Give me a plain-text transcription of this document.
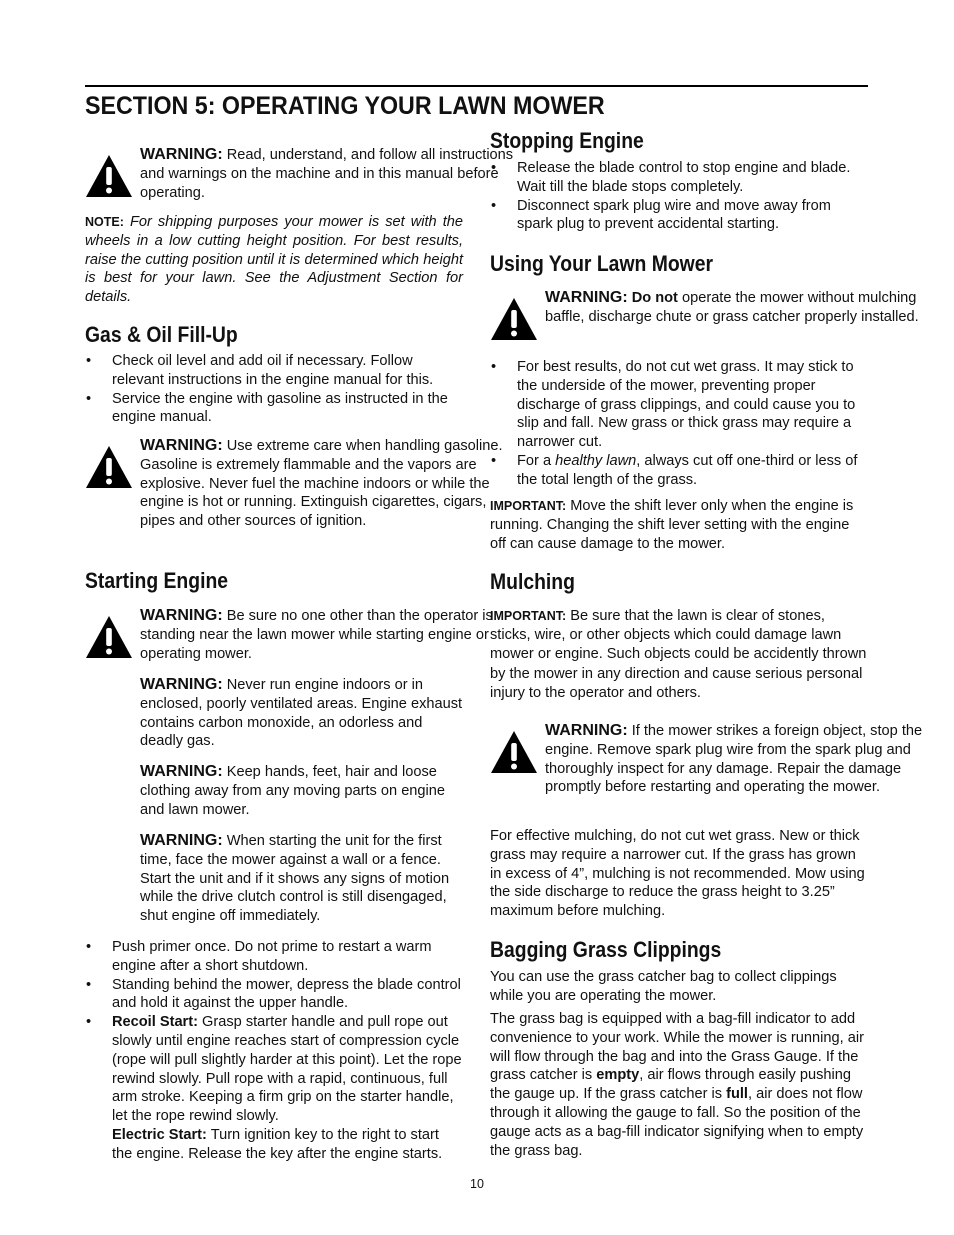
SECTION 5: OPERATING YOUR LAWN MOWER

WARNING: Read, understand, and follow all instructions and warnings on the machine and in this manual before operating.

NOTE: For shipping purposes your mower is set with the wheels in a low cutting height position. For best results, raise the cutting position until it is determined which height is best for your lawn. See the Adjustment Section for details.

Gas & Oil Fill-Up
• Check oil level and add oil if necessary. Follow relevant instructions in the engine manual for this.
• Service the engine with gasoline as instructed in the engine manual.

WARNING: Use extreme care when handling gasoline. Gasoline is extremely flammable and the vapors are explosive. Never fuel the machine indoors or while the engine is hot or running. Extinguish cigarettes, cigars, pipes and other sources of ignition.

Starting Engine

WARNING: Be sure no one other than the operator is standing near the lawn mower while starting engine or operating mower.

WARNING: Never run engine indoors or in enclosed, poorly ventilated areas. Engine exhaust contains carbon monoxide, an odorless and deadly gas.

WARNING: Keep hands, feet, hair and loose clothing away from any moving parts on engine and lawn mower.

WARNING: When starting the unit for the first time, face the mower against a wall or a fence. Start the unit and if it shows any signs of motion while the drive clutch control is still disengaged, shut engine off immediately.

• Push primer once. Do not prime to restart a warm engine after a short shutdown.
• Standing behind the mower, depress the blade control and hold it against the upper handle.
• Recoil Start: Grasp starter handle and pull rope out slowly until engine reaches start of compression cycle (rope will pull slightly harder at this point). Let the rope rewind slowly. Pull rope with a rapid, continuous, full arm stroke. Keeping a firm grip on the starter handle, let the rope rewind slowly.
Electric Start: Turn ignition key to the right to start the engine. Release the key after the engine starts.
Stopping Engine
• Release the blade control to stop engine and blade. Wait till the blade stops completely.
• Disconnect spark plug wire and move away from spark plug to prevent accidental starting.
Using Your Lawn Mower

WARNING: Do not operate the mower without mulching baffle, discharge chute or grass catcher properly installed.

• For best results, do not cut wet grass. It may stick to the underside of the mower, preventing proper discharge of grass clippings, and could cause you to slip and fall. New grass or thick grass may require a narrower cut.
• For a healthy lawn, always cut off one-third or less of the total length of the grass.

IMPORTANT: Move the shift lever only when the engine is running. Changing the shift lever setting with the engine off can cause damage to the mower.

Mulching

IMPORTANT: Be sure that the lawn is clear of stones, sticks, wire, or other objects which could damage lawn mower or engine. Such objects could be accidently thrown by the mower in any direction and cause serious personal injury to the operator and others.

WARNING: If the mower strikes a foreign object, stop the engine. Remove spark plug wire from the spark plug and thoroughly inspect for any damage. Repair the damage promptly before restarting and operating the mower.

For effective mulching, do not cut wet grass. New or thick grass may require a narrower cut. If the grass has grown in excess of 4”, mulching is not recommended. Mow using the side discharge to reduce the grass height to 3.25” maximum before mulching.

Bagging Grass Clippings

You can use the grass catcher bag to collect clippings while you are operating the mower.

The grass bag is equipped with a bag-fill indicator to add convenience to your work. While the mower is running, air will flow through the bag and into the Grass Gauge. If the grass catcher is empty, air flows through easily pushing the gauge up. If the grass catcher is full, air does not flow through it allowing the gauge to fall. So the position of the gauge acts as a bag-fill indicator signifying when to empty the grass bag.

10
